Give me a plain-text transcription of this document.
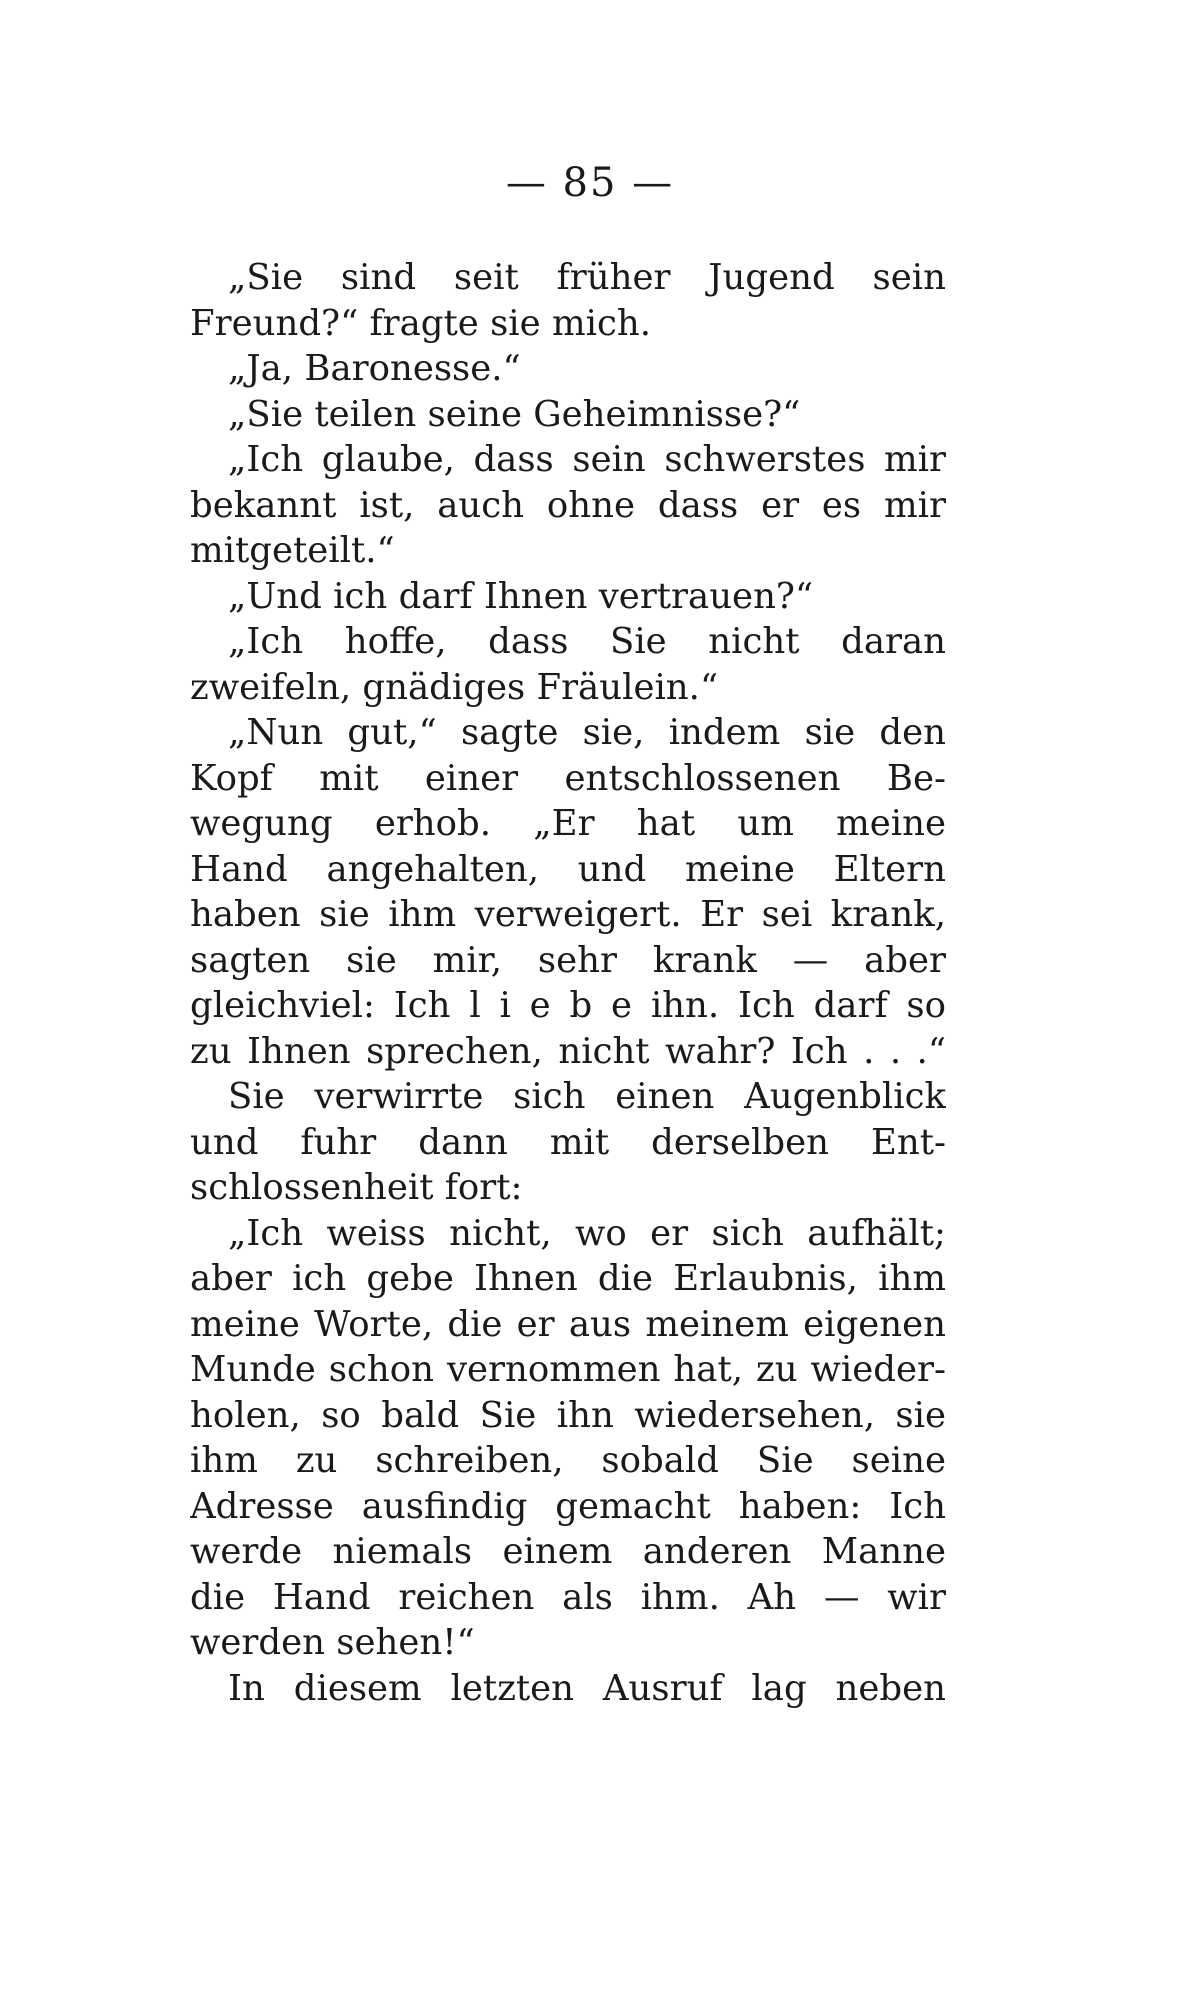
— 85 —
„Sie sind seit früher Jugend sein
Freund?“ fragte sie mich.
„Ja, Baronesse.“
„Sie teilen seine Geheimnisse?“
„Ich glaube, dass sein schwerstes mir
bekannt ist, auch ohne dass er es mir
mitgeteilt.“
„Und ich darf Ihnen vertrauen?“
„Ich hoffe, dass Sie nicht daran
zweifeln, gnädiges Fräulein.“
„Nun gut,“ sagte sie, indem sie den
Kopf mit einer entschlossenen Be-
wegung erhob. „Er hat um meine
Hand angehalten, und meine Eltern
haben sie ihm verweigert. Er sei krank,
sagten sie mir, sehr krank — aber
gleichviel: Ich l i e b e ihn. Ich darf so
zu Ihnen sprechen, nicht wahr? Ich . . .“
Sie verwirrte sich einen Augenblick
und fuhr dann mit derselben Ent-
schlossenheit fort:
„Ich weiss nicht, wo er sich aufhält;
aber ich gebe Ihnen die Erlaubnis, ihm
meine Worte, die er aus meinem eigenen
Munde schon vernommen hat, zu wieder-
holen, so bald Sie ihn wiedersehen, sie
ihm zu schreiben, sobald Sie seine
Adresse ausfindig gemacht haben: Ich
werde niemals einem anderen Manne
die Hand reichen als ihm. Ah — wir
werden sehen!“
In diesem letzten Ausruf lag neben
